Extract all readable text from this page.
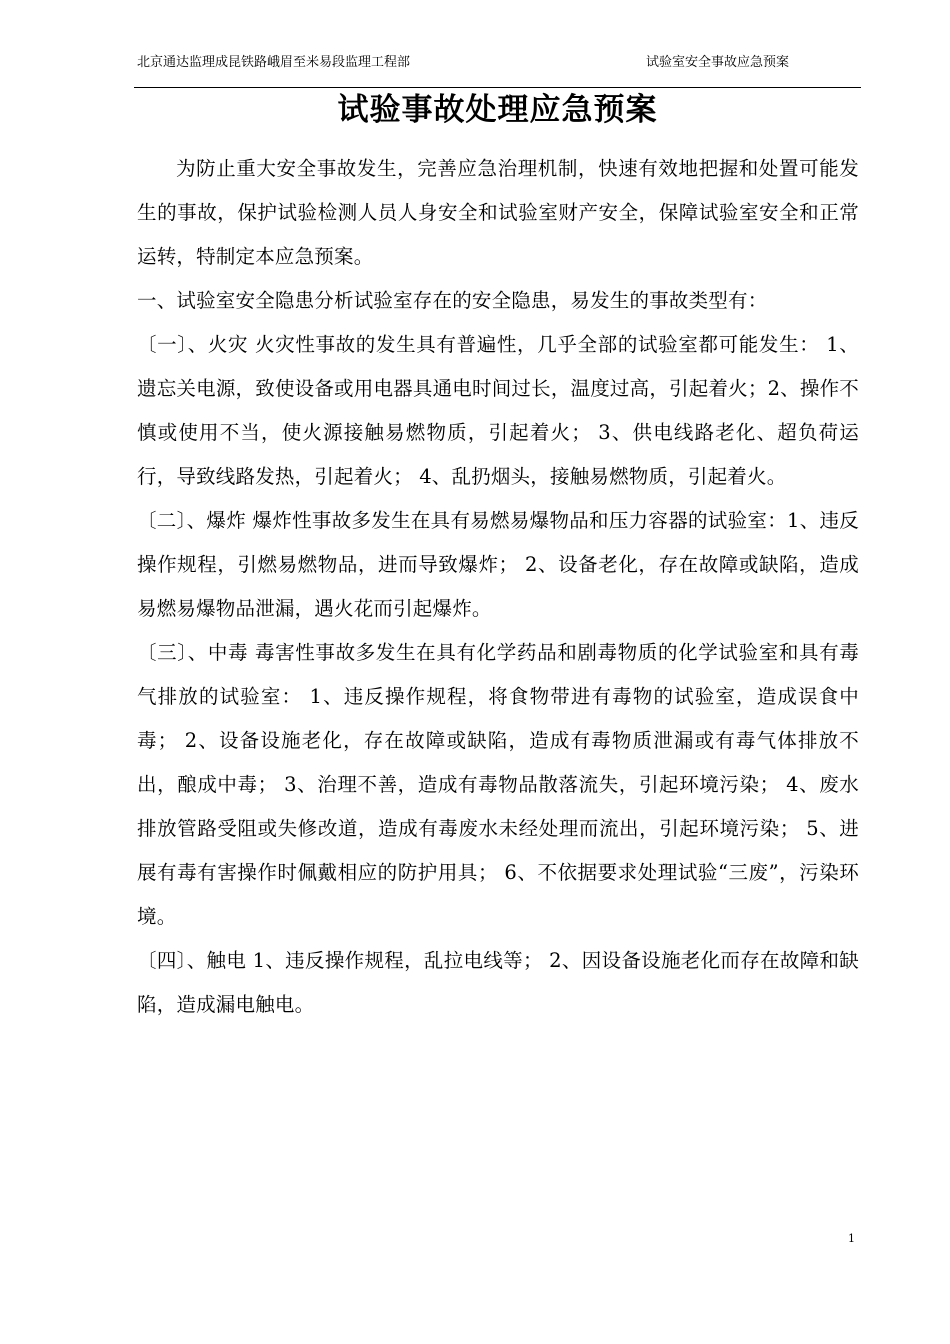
北京通达监理成昆铁路峨眉至米易段监理工程部	试验室安全事故应急预案
试验事故处理应急预案

为防止重大安全事故发生，完善应急治理机制，快速有效地把握和处置可能发生的事故，保护试验检测人员人身安全和试验室财产安全，保障试验室安全和正常运转，特制定本应急预案。

一、试验室安全隐患分析试验室存在的安全隐患，易发生的事故类型有：

〔一〕、火灾 火灾性事故的发生具有普遍性，几乎全部的试验室都可能发生： 1、遗忘关电源，致使设备或用电器具通电时间过长，温度过高，引起着火；2、操作不慎或使用不当，使火源接触易燃物质，引起着火； 3、供电线路老化、超负荷运行，导致线路发热，引起着火； 4、乱扔烟头，接触易燃物质，引起着火。

〔二〕、爆炸 爆炸性事故多发生在具有易燃易爆物品和压力容器的试验室：1、违反操作规程，引燃易燃物品，进而导致爆炸； 2、设备老化，存在故障或缺陷，造成易燃易爆物品泄漏，遇火花而引起爆炸。

〔三〕、中毒 毒害性事故多发生在具有化学药品和剧毒物质的化学试验室和具有毒气排放的试验室： 1、违反操作规程，将食物带进有毒物的试验室，造成误食中毒； 2、设备设施老化，存在故障或缺陷，造成有毒物质泄漏或有毒气体排放不出，酿成中毒； 3、治理不善，造成有毒物品散落流失，引起环境污染； 4、废水排放管路受阻或失修改道，造成有毒废水未经处理而流出，引起环境污染； 5、进展有毒有害操作时佩戴相应的防护用具； 6、不依据要求处理试验“三废”，污染环境。

〔四〕、触电 1、违反操作规程，乱拉电线等； 2、因设备设施老化而存在故障和缺陷，造成漏电触电。

1
